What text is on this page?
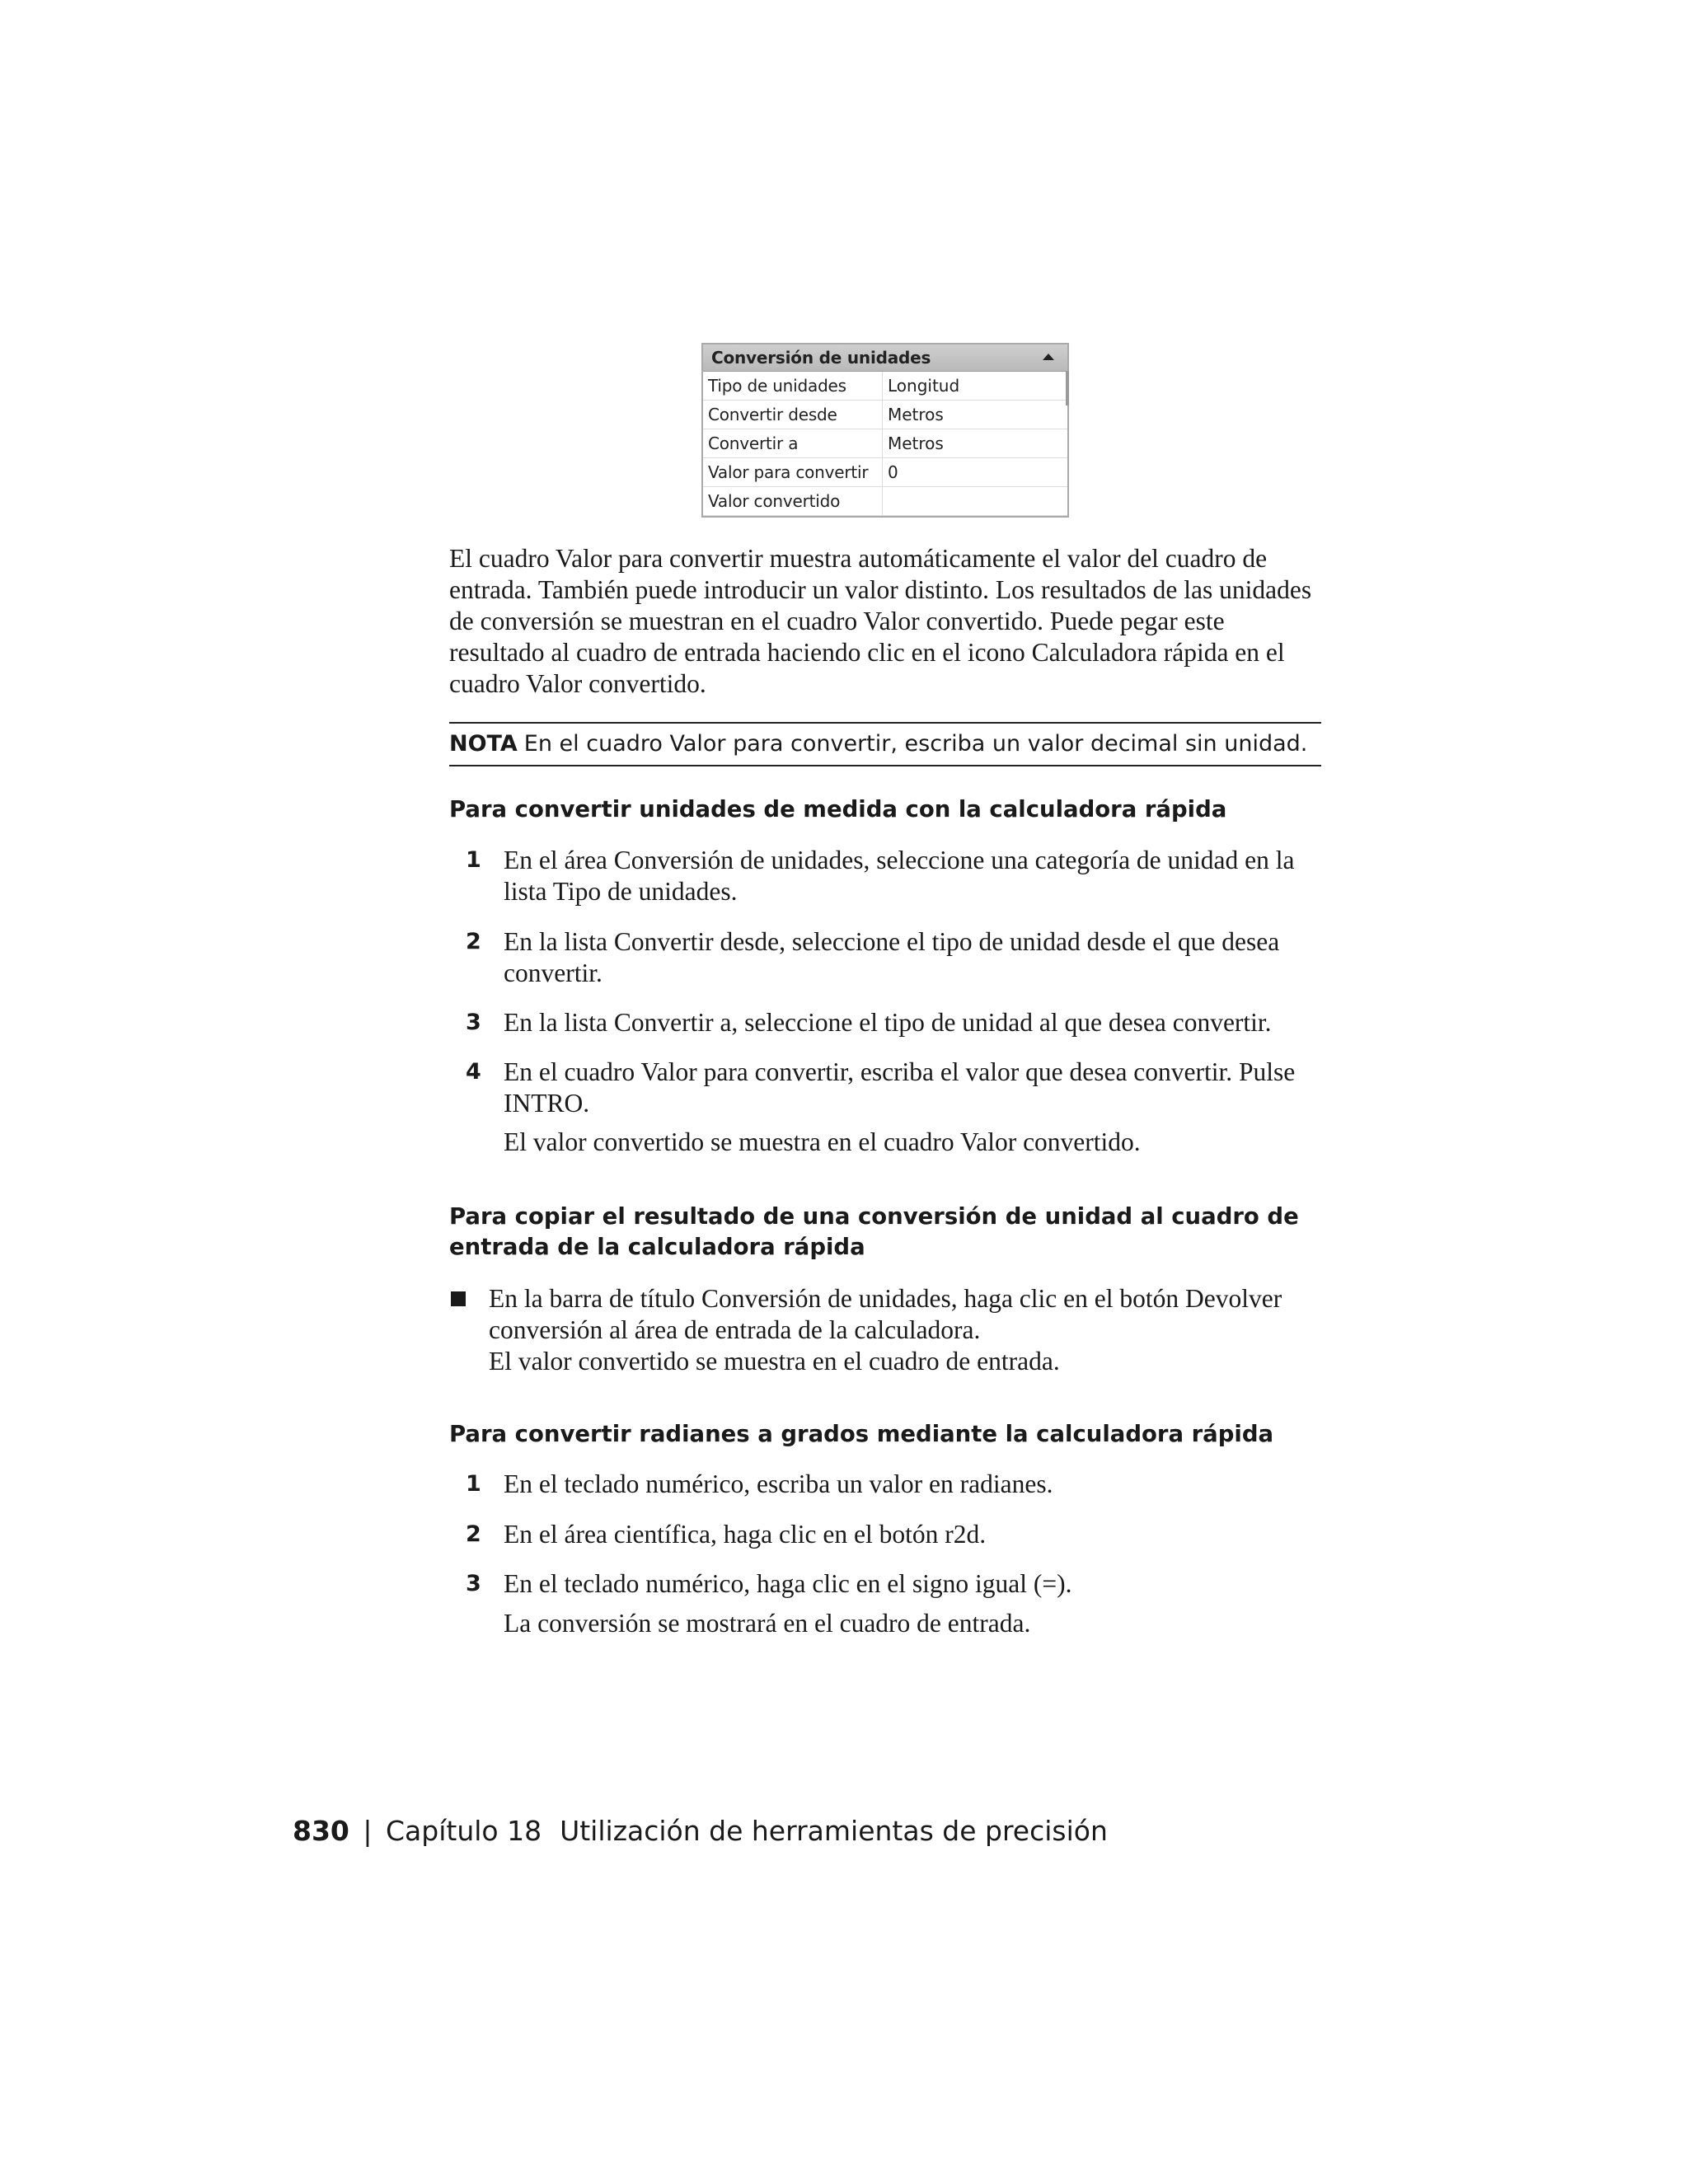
Conversión de unidades
Tipo de unidades	Longitud
Convertir desde	Metros
Convertir a	Metros
Valor para convertir	0
Valor convertido
El cuadro Valor para convertir muestra automáticamente el valor del cuadro de entrada. También puede introducir un valor distinto. Los resultados de las unidades de conversión se muestran en el cuadro Valor convertido. Puede pegar este resultado al cuadro de entrada haciendo clic en el icono Calculadora rápida en el cuadro Valor convertido.
NOTA En el cuadro Valor para convertir, escriba un valor decimal sin unidad.
Para convertir unidades de medida con la calculadora rápida
1 En el área Conversión de unidades, seleccione una categoría de unidad en la lista Tipo de unidades.
2 En la lista Convertir desde, seleccione el tipo de unidad desde el que desea convertir.
3 En la lista Convertir a, seleccione el tipo de unidad al que desea convertir.
4 En el cuadro Valor para convertir, escriba el valor que desea convertir. Pulse INTRO.
El valor convertido se muestra en el cuadro Valor convertido.
Para copiar el resultado de una conversión de unidad al cuadro de entrada de la calculadora rápida
En la barra de título Conversión de unidades, haga clic en el botón Devolver conversión al área de entrada de la calculadora.
El valor convertido se muestra en el cuadro de entrada.
Para convertir radianes a grados mediante la calculadora rápida
1 En el teclado numérico, escriba un valor en radianes.
2 En el área científica, haga clic en el botón r2d.
3 En el teclado numérico, haga clic en el signo igual (=).
La conversión se mostrará en el cuadro de entrada.
830 | Capítulo 18 Utilización de herramientas de precisión
